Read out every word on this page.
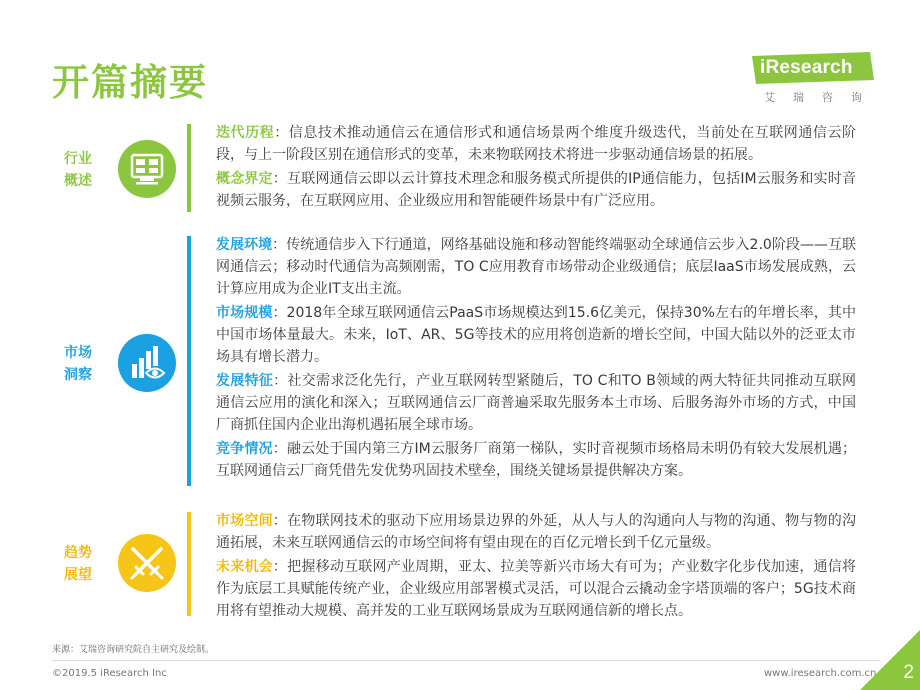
开篇摘要	iResearch
艾瑞咨询
行业
概述

迭代历程：信息技术推动通信云在通信形式和通信场景两个维度升级迭代，当前处在互联网通信云阶段，与上一阶段区别在通信形式的变革，未来物联网技术将进一步驱动通信场景的拓展。

概念界定：互联网通信云即以云计算技术理念和服务模式所提供的IP通信能力，包括IM云服务和实时音视频云服务，在互联网应用、企业级应用和智能硬件场景中有广泛应用。

市场
洞察

发展环境：传统通信步入下行通道，网络基础设施和移动智能终端驱动全球通信云步入2.0阶段——互联网通信云；移动时代通信为高频刚需，TO C应用教育市场带动企业级通信；底层IaaS市场发展成熟，云计算应用成为企业IT支出主流。

市场规模：2018年全球互联网通信云PaaS市场规模达到15.6亿美元，保持30%左右的年增长率，其中中国市场体量最大。未来，IoT、AR、5G等技术的应用将创造新的增长空间，中国大陆以外的泛亚太市场具有增长潜力。

发展特征：社交需求泛化先行，产业互联网转型紧随后，TO C和TO B领域的两大特征共同推动互联网通信云应用的演化和深入；互联网通信云厂商普遍采取先服务本土市场、后服务海外市场的方式，中国厂商抓住国内企业出海机遇拓展全球市场。

竞争情况：融云处于国内第三方IM云服务厂商第一梯队，实时音视频市场格局未明仍有较大发展机遇；互联网通信云厂商凭借先发优势巩固技术壁垒，围绕关键场景提供解决方案。

趋势
展望

市场空间：在物联网技术的驱动下应用场景边界的外延，从人与人的沟通向人与物的沟通、物与物的沟通拓展，未来互联网通信云的市场空间将有望由现在的百亿元增长到千亿元量级。

未来机会：把握移动互联网产业周期，亚太、拉美等新兴市场大有可为；产业数字化步伐加速，通信将作为底层工具赋能传统产业，企业级应用部署模式灵活，可以混合云撬动金字塔顶端的客户；5G技术商用将有望推动大规模、高并发的工业互联网场景成为互联网通信新的增长点。

来源：艾瑞咨询研究院自主研究及绘制。
©2019.5 iResearch Inc	www.iresearch.com.cn 2
